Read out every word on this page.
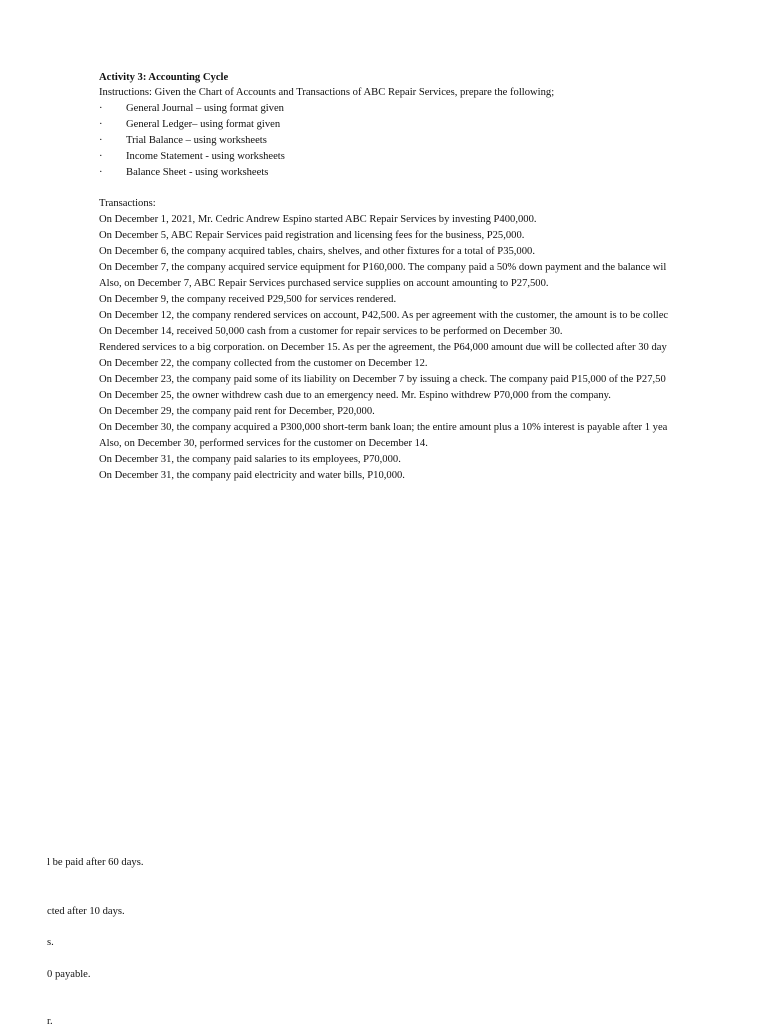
Activity 3: Accounting Cycle
Instructions: Given the Chart of Accounts and Transactions of ABC Repair Services, prepare the following;
· General Journal – using format given
· General Ledger– using format given
· Trial Balance – using worksheets
· Income Statement - using worksheets
· Balance Sheet - using worksheets
Transactions:
On December 1, 2021, Mr. Cedric Andrew Espino started ABC Repair Services by investing P400,000.
On December 5, ABC Repair Services paid registration and licensing fees for the business, P25,000.
On December 6, the company acquired tables, chairs, shelves, and other fixtures for a total of P35,000.
On December 7, the company acquired service equipment for P160,000. The company paid a 50% down payment and the balance wil
Also, on December 7, ABC Repair Services purchased service supplies on account amounting to P27,500.
On December 9, the company received P29,500 for services rendered.
On December 12, the company rendered services on account, P42,500. As per agreement with the customer, the amount is to be collec
On December 14, received 50,000 cash from a customer for repair services to be performed on December 30.
Rendered services to a big corporation. on December 15. As per the agreement, the P64,000 amount due will be collected after 30 day
On December 22, the company collected from the customer on December 12.
On December 23, the company paid some of its liability on December 7 by issuing a check. The company paid P15,000 of the P27,50
On December 25, the owner withdrew cash due to an emergency need. Mr. Espino withdrew P70,000 from the company.
On December 29, the company paid rent for December, P20,000.
On December 30, the company acquired a P300,000 short-term bank loan; the entire amount plus a 10% interest is payable after 1 yea
Also, on December 30, performed services for the customer on December 14.
On December 31, the company paid salaries to its employees, P70,000.
On December 31, the company paid electricity and water bills, P10,000.
l be paid after 60 days.
cted after 10 days.
s.
0 payable.
r.
